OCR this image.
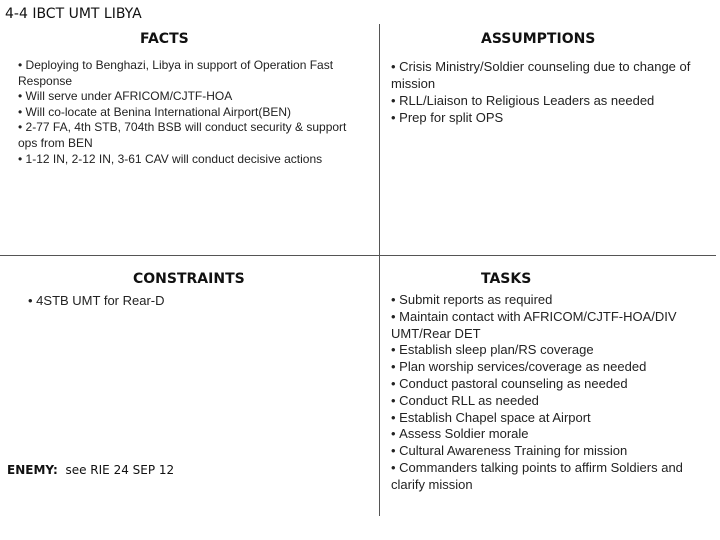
4-4 IBCT UMT LIBYA
FACTS
• Deploying to Benghazi, Libya in support of Operation Fast Response
• Will serve under AFRICOM/CJTF-HOA
• Will co-locate at Benina International Airport(BEN)
• 2-77 FA, 4th STB, 704th BSB will conduct security & support ops from BEN
• 1-12 IN, 2-12 IN, 3-61 CAV will conduct decisive actions
ASSUMPTIONS
• Crisis Ministry/Soldier counseling due to change of mission
• RLL/Liaison to Religious Leaders as needed
• Prep for split OPS
CONSTRAINTS
• 4STB UMT for Rear-D
ENEMY: see RIE 24 SEP 12
TASKS
• Submit reports as required
• Maintain contact with AFRICOM/CJTF-HOA/DIV UMT/Rear DET
• Establish sleep plan/RS coverage
• Plan worship services/coverage as needed
• Conduct pastoral counseling as needed
• Conduct RLL as needed
• Establish Chapel space at Airport
• Assess Soldier morale
• Cultural Awareness Training for mission
• Commanders talking points to affirm Soldiers and clarify mission
